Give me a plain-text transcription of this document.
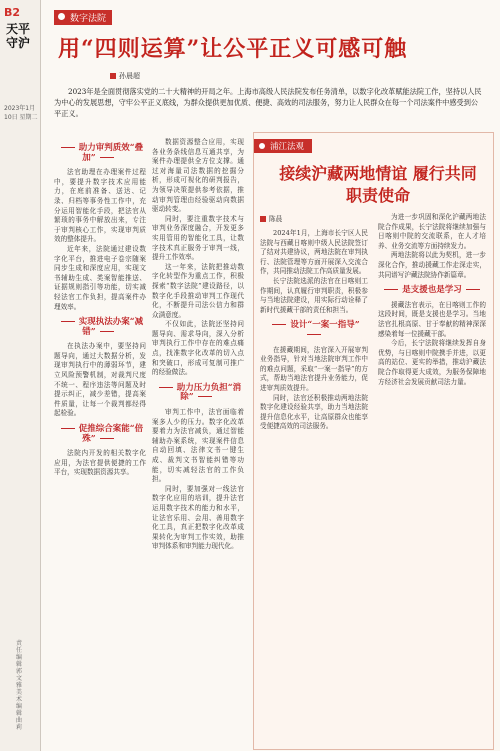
B2
天平守沪
2023年1月10日 星期二
责任编辑 郭文雅 美术编辑 曲莉
数字法院
用“四则运算”让公平正义可感可触
孙晨超

2023年是全面贯彻落实党的二十大精神的开局之年。上海市高级人民法院发布任务清单，以数字化改革赋能法院工作，坚持以人民为中心的发展思想，守牢公平正义底线，为群众提供更加优质、便捷、高效的司法服务，努力让人民群众在每一个司法案件中感受到公平正义。

助力审判质效“叠加”

法官助理在办理案件过程中，要提升数字技术应用能力，在庭前准备、送达、记录、归档等事务性工作中，充分运用智能化手段，把法官从繁琐的事务中解放出来，专注于审判核心工作，实现审判质效的整体提升。

近年来，法院通过建设数字化平台，推进电子卷宗随案同步生成和深度应用，实现文书辅助生成、类案智能推送、证据规则指引等功能，切实减轻法官工作负担，提高案件办理效率。

实现执法办案“减错”

在执法办案中，要坚持问题导向，通过大数据分析，发现审判执行中的薄弱环节，建立风险预警机制，对裁判尺度不统一、程序违法等问题及时提示纠正，减少差错，提高案件质量，让每一个裁判都经得起检验。

促推综合案能“倍殊”

法院内开发的相关数字化应用，为法官提供便捷的工作平台，实现数据资源共享。

数据资源整合应用，实现各业务条线信息互通共享，为案件办理提供全方位支撑。通过对海量司法数据的挖掘分析，形成可视化的研判报告，为领导决策提供参考依据，推动审判管理由经验驱动向数据驱动转变。

同时，要注重数字技术与审判业务深度融合，开发更多实用管用的智能化工具，让数字技术真正服务于审判一线，提升工作效率。

这一年来，法院把推动数字化转型作为重点工作，积极探索“数字法院”建设路径，以数字化手段推动审判工作现代化，不断提升司法公信力和群众满意度。

不仅如此，法院还坚持问题导向、需求导向，深入分析审判执行工作中存在的难点痛点，找准数字化改革的切入点和突破口，形成可复制可推广的经验做法。

助力压力负担“消除”

审判工作中，法官面临着案多人少的压力。数字化改革要着力为法官减负，通过智能辅助办案系统，实现案件信息自动回填、法律文书一键生成、裁判文书智能纠错等功能，切实减轻法官的工作负担。

同时，要加强对一线法官数字化应用的培训，提升法官运用数字技术的能力和水平，让法官乐用、会用、善用数字化工具，真正把数字化改革成果转化为审判工作实效，助推审判体系和审判能力现代化。

浦江法观
接续沪藏两地情谊 履行共同职责使命
陈晨

2024年1月，上海市长宁区人民法院与西藏日喀则中级人民法院签订了结对共建协议，两地法院在审判执行、法院管理等方面开展深入交流合作，共同推动法院工作高质量发展。

长宁法院选派的法官在日喀则工作期间，认真履行审判职责，积极参与当地法院建设，用实际行动诠释了新时代援藏干部的责任和担当。

设计“一案一指导”

在援藏期间，法官深入开展审判业务指导，针对当地法院审判工作中的难点问题，采取“一案一指导”的方式，帮助当地法官提升业务能力，促进审判质效提升。

同时，法官还积极推动两地法院数字化建设经验共享，助力当地法院提升信息化水平，让高原群众也能享受便捷高效的司法服务。

为进一步巩固和深化沪藏两地法院合作成果，长宁法院将继续加强与日喀则中院的交流联系，在人才培养、业务交流等方面持续发力。

两地法院将以此为契机，进一步深化合作，推动援藏工作走深走实，共同谱写沪藏法院协作新篇章。

是支援也是学习

援藏法官表示，在日喀则工作的这段时间，既是支援也是学习。当地法官扎根高原、甘于奉献的精神深深感染着每一位援藏干部。

今后，长宁法院将继续发挥自身优势，与日喀则中院携手并进，以更高的站位、更实的举措，推动沪藏法院合作取得更大成效，为服务保障地方经济社会发展贡献司法力量。
